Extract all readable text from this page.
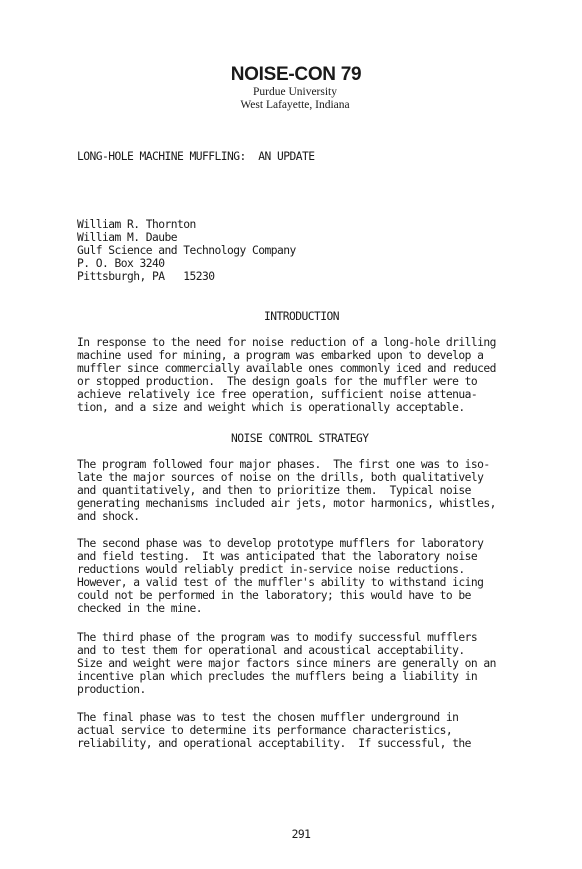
NOISE-CON 79
Purdue University
West Lafayette, Indiana
LONG-HOLE MACHINE MUFFLING:  AN UPDATE
William R. Thornton
William M. Daube
Gulf Science and Technology Company
P. O. Box 3240
Pittsburgh, PA   15230
INTRODUCTION
In response to the need for noise reduction of a long-hole drilling
machine used for mining, a program was embarked upon to develop a
muffler since commercially available ones commonly iced and reduced
or stopped production.  The design goals for the muffler were to
achieve relatively ice free operation, sufficient noise attenua-
tion, and a size and weight which is operationally acceptable.
NOISE CONTROL STRATEGY
The program followed four major phases.  The first one was to iso-
late the major sources of noise on the drills, both qualitatively
and quantitatively, and then to prioritize them.  Typical noise
generating mechanisms included air jets, motor harmonics, whistles,
and shock.
The second phase was to develop prototype mufflers for laboratory
and field testing.  It was anticipated that the laboratory noise
reductions would reliably predict in-service noise reductions.
However, a valid test of the muffler's ability to withstand icing
could not be performed in the laboratory; this would have to be
checked in the mine.
The third phase of the program was to modify successful mufflers
and to test them for operational and acoustical acceptability.
Size and weight were major factors since miners are generally on an
incentive plan which precludes the mufflers being a liability in
production.
The final phase was to test the chosen muffler underground in
actual service to determine its performance characteristics,
reliability, and operational acceptability.  If successful, the
291
